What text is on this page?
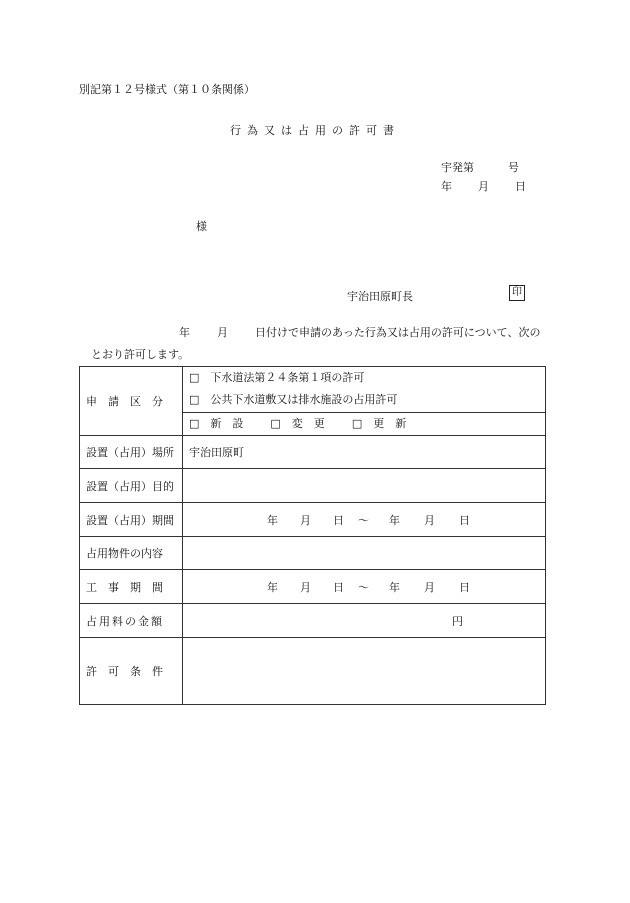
別記第１２号様式（第１０条関係）
行為又は占用の許可書
宇発第	号
年 月 日
様
宇治田原町長	印
年 月 日付けで申請のあった行為又は占用の許可について、次のとおり許可します。
申請区分	□　下水道法第２４条第１項の許可
	□　公共下水道敷又は排水施設の占用許可
	□　新　設 □　変　更 □　更　新
設置（占用）場所	宇治田原町
設置（占用）目的	
設置（占用）期間	年 月 日 〜 年 月 日
占用物件の内容	
工事期間	年 月 日 〜 年 月 日
占用料の金額	円
許可条件	
